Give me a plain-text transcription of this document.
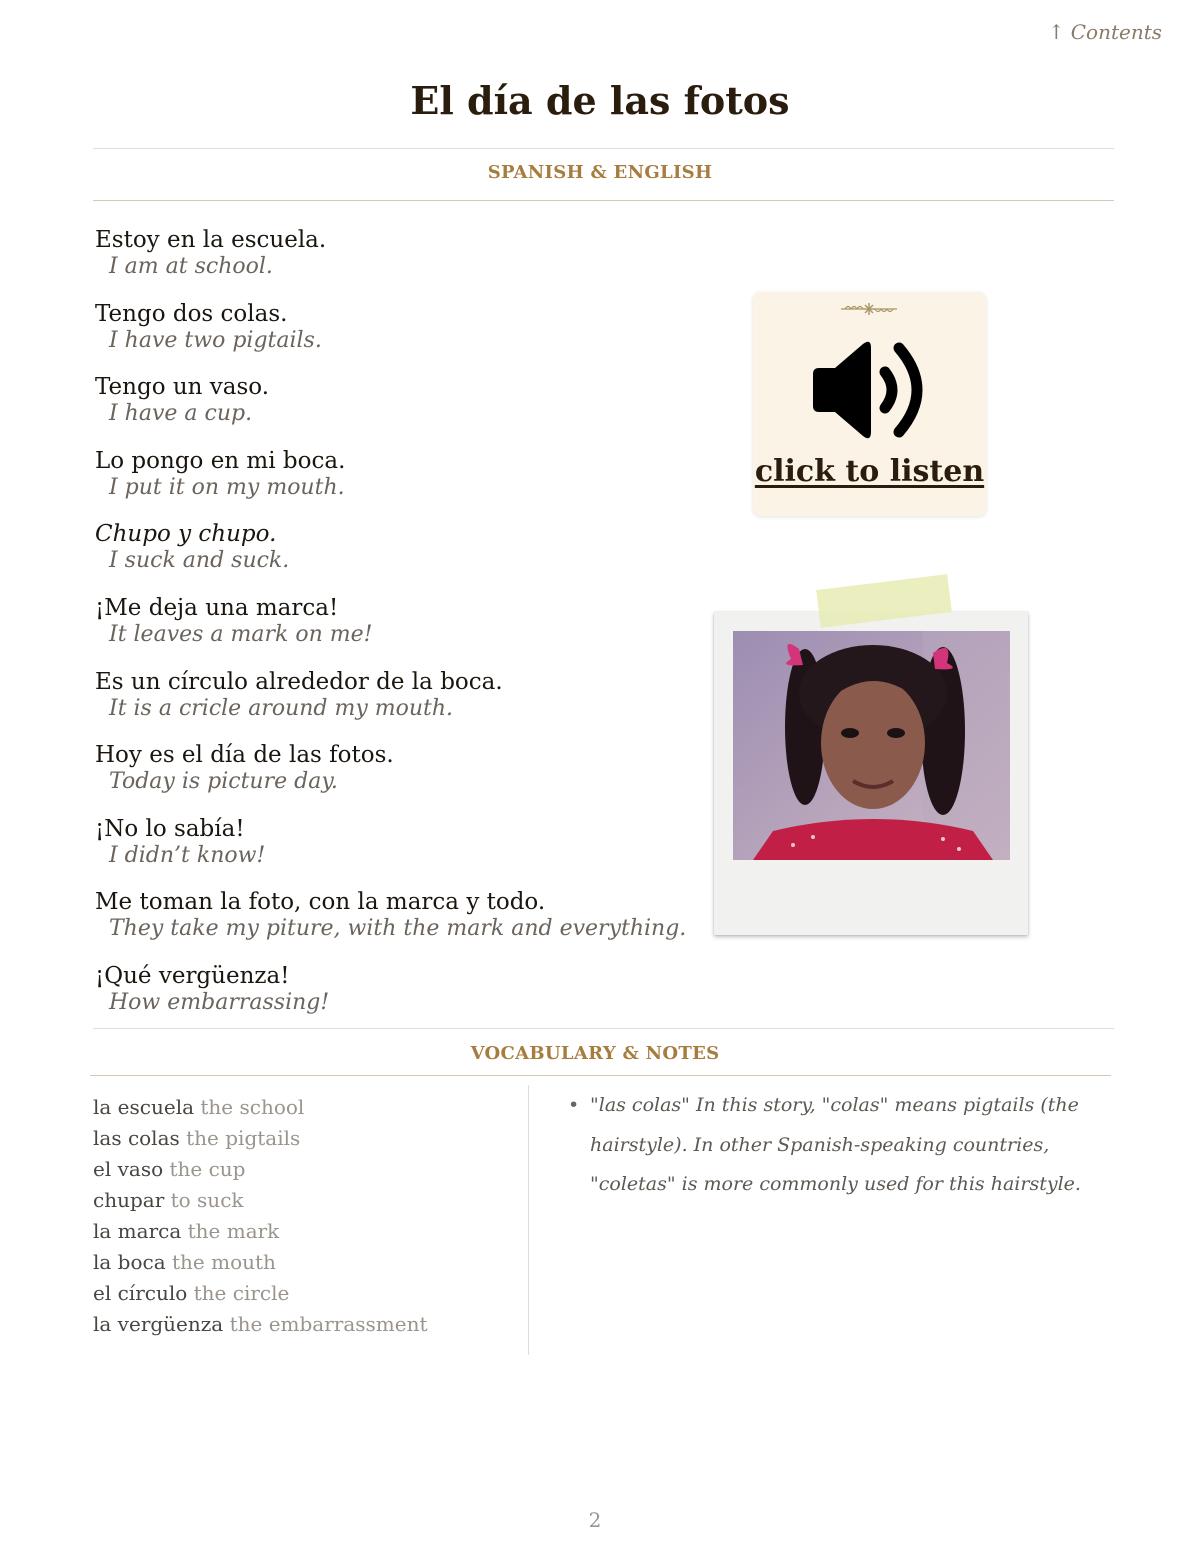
↑ Contents
El día de las fotos
SPANISH & ENGLISH
Estoy en la escuela.
I am at school.
Tengo dos colas.
I have two pigtails.
Tengo un vaso.
I have a cup.
Lo pongo en mi boca.
I put it on my mouth.
Chupo y chupo.
I suck and suck.
¡Me deja una marca!
It leaves a mark on me!
Es un círculo alrededor de la boca.
It is a cricle around my mouth.
Hoy es el día de las fotos.
Today is picture day.
¡No lo sabía!
I didn’t know!
Me toman la foto, con la marca y todo.
They take my piture, with the mark and everything.
¡Qué vergüenza!
How embarrassing!
click to listen
VOCABULARY & NOTES
la escuela the school
las colas the pigtails
el vaso the cup
chupar to suck
la marca the mark
la boca the mouth
el círculo the circle
la vergüenza the embarrassment
• "las colas" In this story, "colas" means pigtails (the hairstyle). In other Spanish-speaking countries, "coletas" is more commonly used for this hairstyle.
2
